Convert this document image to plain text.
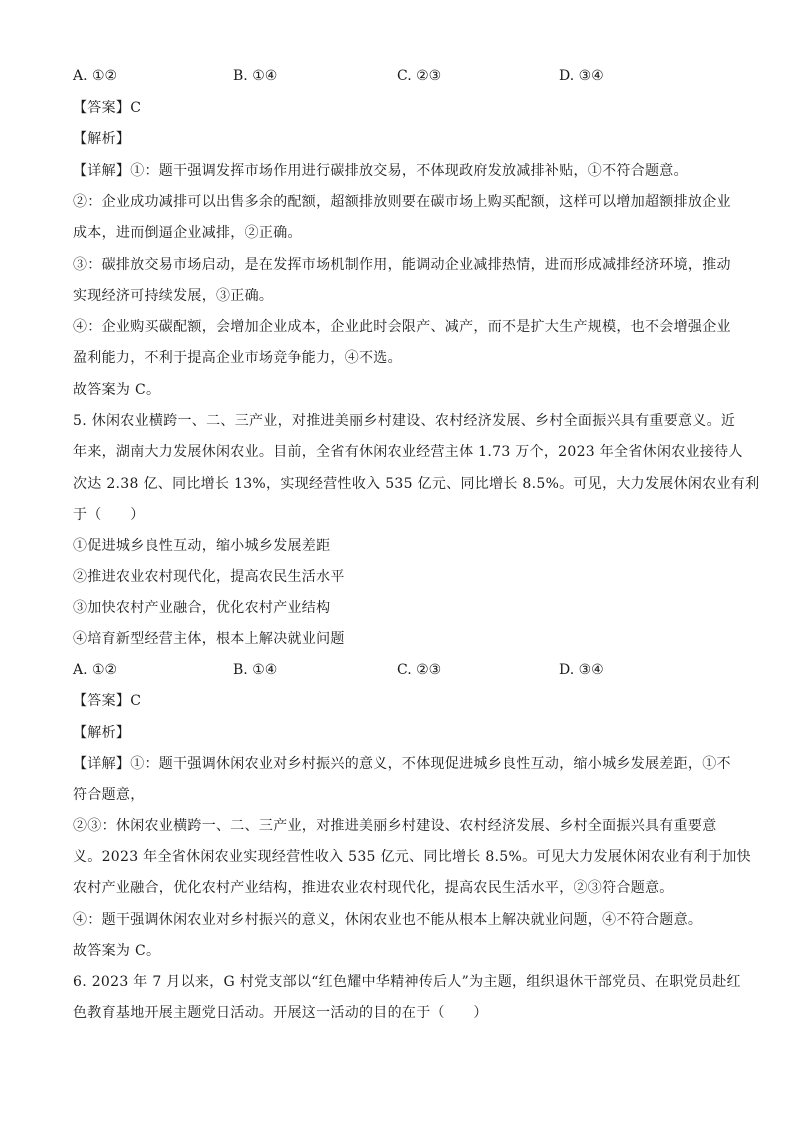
A. ①②	B. ①④	C. ②③	D. ③④
【答案】C
【解析】
【详解】①：题干强调发挥市场作用进行碳排放交易，不体现政府发放减排补贴，①不符合题意。
②：企业成功减排可以出售多余的配额，超额排放则要在碳市场上购买配额，这样可以增加超额排放企业
成本，进而倒逼企业减排，②正确。
③：碳排放交易市场启动，是在发挥市场机制作用，能调动企业减排热情，进而形成减排经济环境，推动
实现经济可持续发展，③正确。
④：企业购买碳配额，会增加企业成本，企业此时会限产、减产，而不是扩大生产规模，也不会增强企业
盈利能力，不利于提高企业市场竞争能力，④不选。
故答案为 C。
5. 休闲农业横跨一、二、三产业，对推进美丽乡村建设、农村经济发展、乡村全面振兴具有重要意义。近
年来，湖南大力发展休闲农业。目前，全省有休闲农业经营主体 1.73 万个，2023 年全省休闲农业接待人
次达 2.38 亿、同比增长 13%，实现经营性收入 535 亿元、同比增长 8.5%。可见，大力发展休闲农业有利
于（　　）
①促进城乡良性互动，缩小城乡发展差距
②推进农业农村现代化，提高农民生活水平
③加快农村产业融合，优化农村产业结构
④培育新型经营主体，根本上解决就业问题
A. ①②	B. ①④	C. ②③	D. ③④
【答案】C
【解析】
【详解】①：题干强调休闲农业对乡村振兴的意义，不体现促进城乡良性互动，缩小城乡发展差距，①不
符合题意，
②③：休闲农业横跨一、二、三产业，对推进美丽乡村建设、农村经济发展、乡村全面振兴具有重要意
义。2023 年全省休闲农业实现经营性收入 535 亿元、同比增长 8.5%。可见大力发展休闲农业有利于加快
农村产业融合，优化农村产业结构，推进农业农村现代化，提高农民生活水平，②③符合题意。
④：题干强调休闲农业对乡村振兴的意义，休闲农业也不能从根本上解决就业问题，④不符合题意。
故答案为 C。
6. 2023 年 7 月以来，G 村党支部以“红色耀中华精神传后人”为主题，组织退休干部党员、在职党员赴红
色教育基地开展主题党日活动。开展这一活动的目的在于（　　）
